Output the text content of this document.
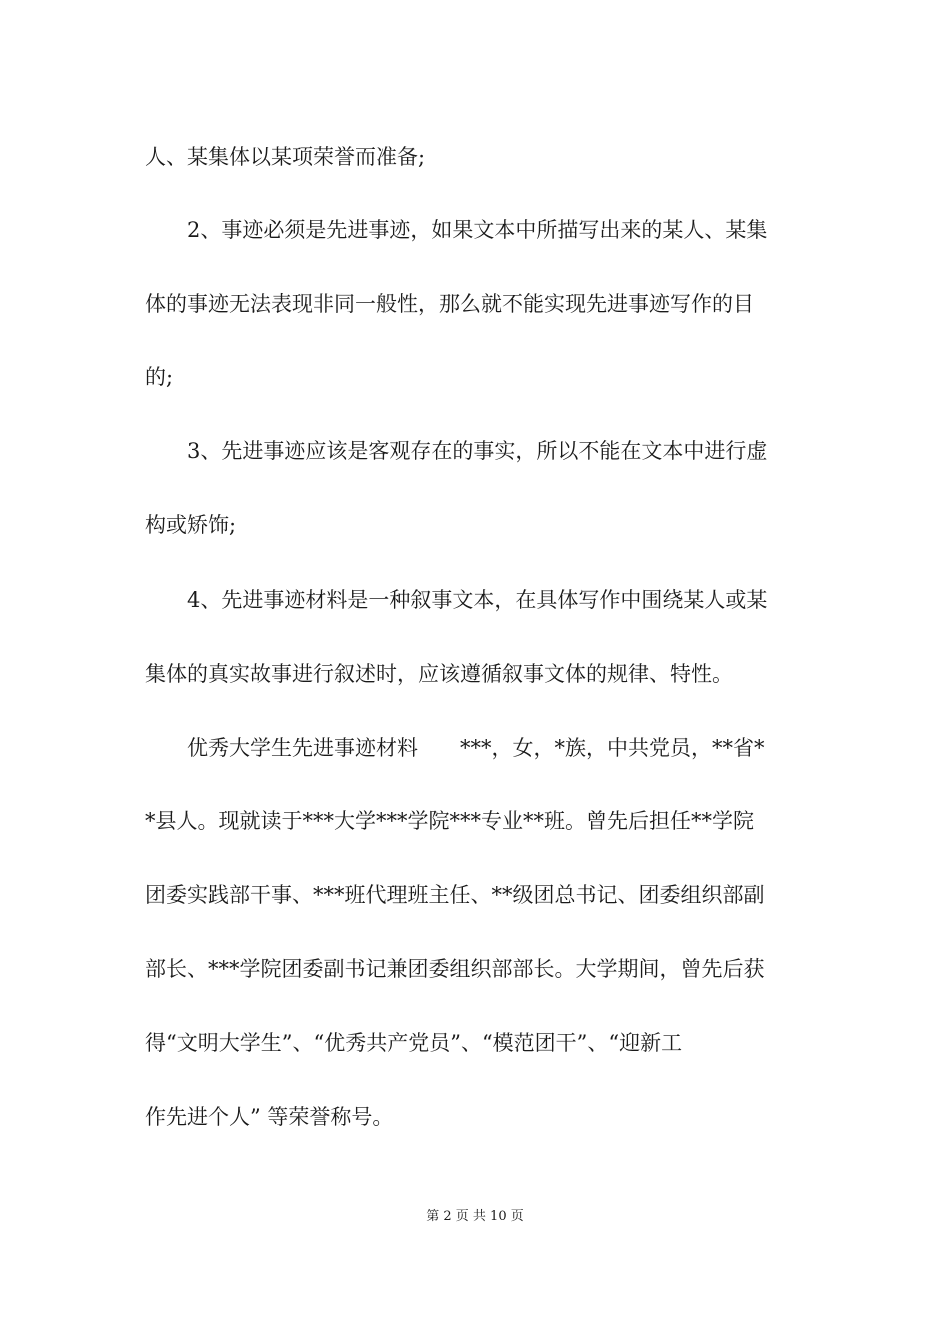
人、某集体以某项荣誉而准备;
2、事迹必须是先进事迹，如果文本中所描写出来的某人、某集
体的事迹无法表现非同一般性，那么就不能实现先进事迹写作的目
的;
3、先进事迹应该是客观存在的事实，所以不能在文本中进行虚
构或矫饰;
4、先进事迹材料是一种叙事文本，在具体写作中围绕某人或某
集体的真实故事进行叙述时，应该遵循叙事文体的规律、特性。
优秀大学生先进事迹材料　　***，女，*族，中共党员，**省*
*县人。现就读于***大学***学院***专业**班。曾先后担任**学院
团委实践部干事、***班代理班主任、**级团总书记、团委组织部副
部长、***学院团委副书记兼团委组织部部长。大学期间，曾先后获
得“文明大学生”、“优秀共产党员”、“模范团干”、“迎新工
作先进个人” 等荣誉称号。
第 2 页 共 10 页
